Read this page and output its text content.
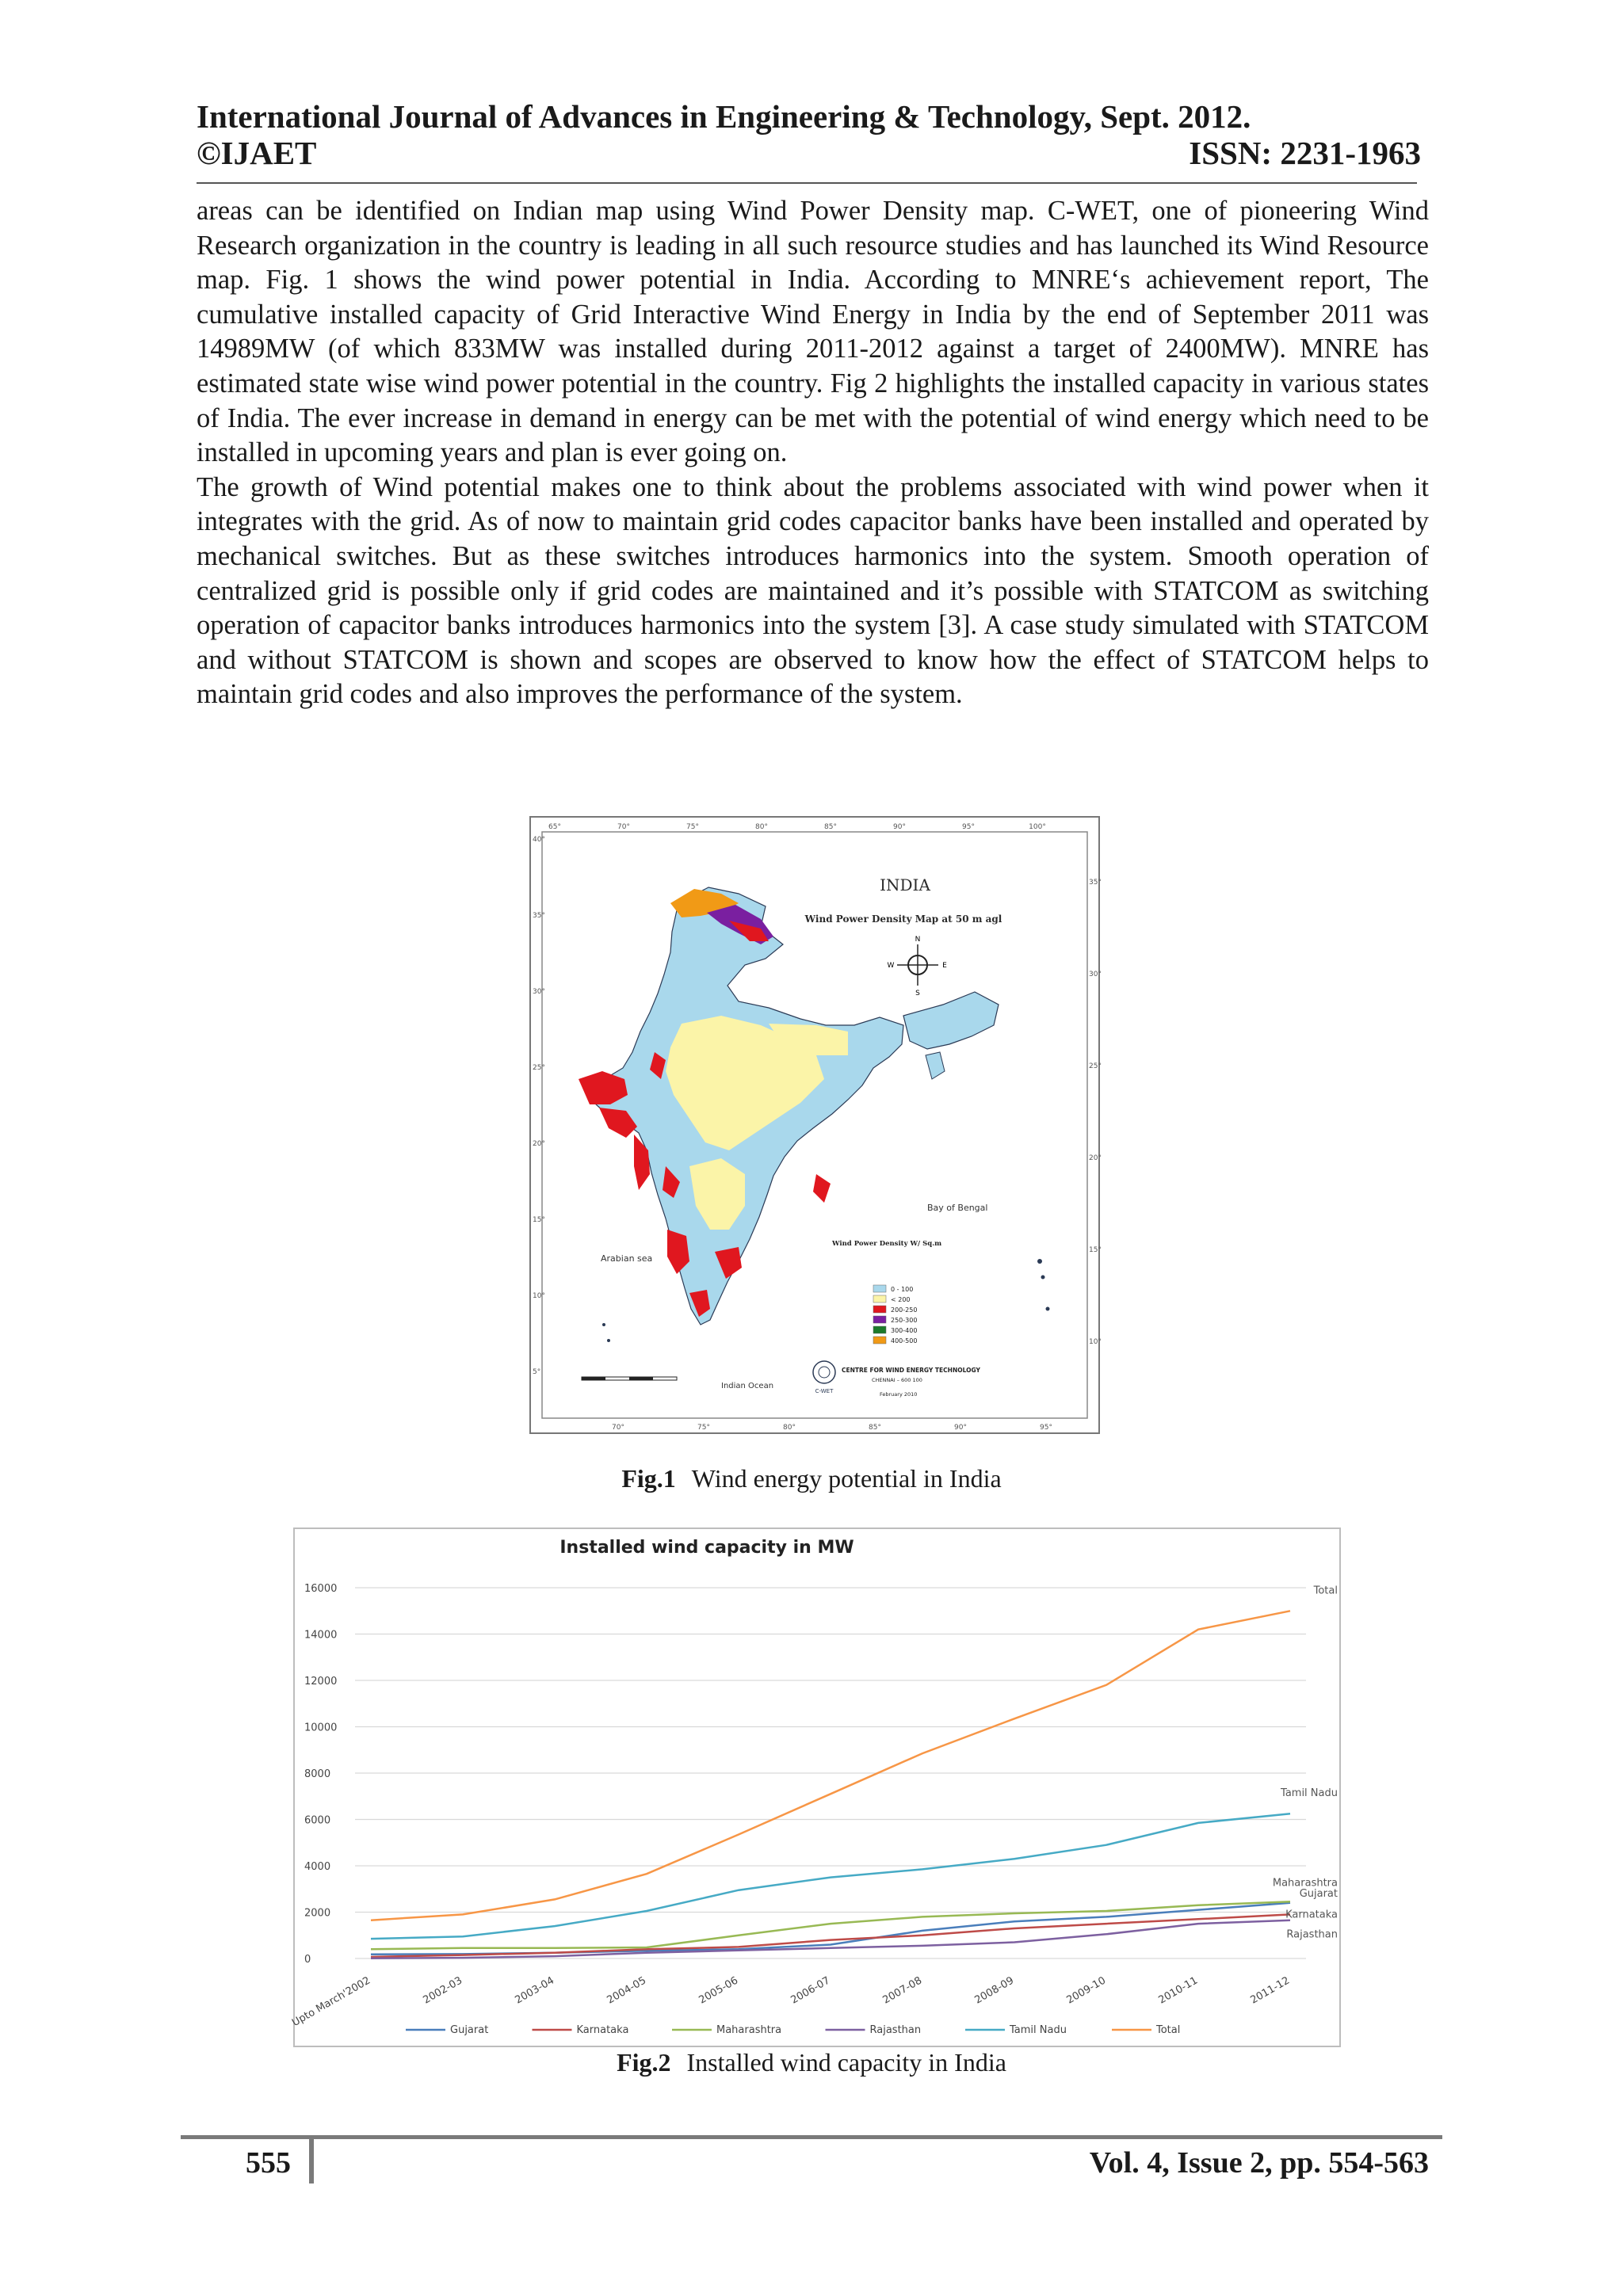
International Journal of Advances in Engineering & Technology, Sept. 2012.
©IJAET	ISSN: 2231-1963

areas can be identified on Indian map using Wind Power Density map. C-WET, one of pioneering Wind Research organization in the country is leading in all such resource studies and has launched its Wind Resource map. Fig. 1 shows the wind power potential in India. According to MNRE‘s achievement report, The cumulative installed capacity of Grid Interactive Wind Energy in India by the end of September 2011 was 14989MW (of which 833MW was installed during 2011-2012 against a target of 2400MW). MNRE has estimated state wise wind power potential in the country. Fig 2 highlights the installed capacity in various states of India. The ever increase in demand in energy can be met with the potential of wind energy which need to be installed in upcoming years and plan is ever going on.

The growth of Wind potential makes one to think about the problems associated with wind power when it integrates with the grid. As of now to maintain grid codes capacitor banks have been installed and operated by mechanical switches. But as these switches introduces harmonics into the system. Smooth operation of centralized grid is possible only if grid codes are maintained and it’s possible with STATCOM as switching operation of capacitor banks introduces harmonics into the system [3]. A case study simulated with STATCOM and without STATCOM is shown and scopes are observed to know how the effect of STATCOM helps to maintain grid codes and also improves the performance of the system.

65°	70°	75°	80°	85°	90°	95°	100°
70°	75°	80°	85°	90°	95°
40°
35°
30°
25°
20°
15°
10°
5°
35°
30°
25°
20°
15°
10°
INDIA
Wind Power Density Map at 50 m agl
N
S
E
W
Bay of Bengal
Arabian sea
Indian Ocean
Wind Power Density W/ Sq.m
0 - 100
< 200
200-250
250-300
300-400
400-500
C-WET
CENTRE FOR WIND ENERGY TECHNOLOGY
CHENNAI – 600 100
February 2010
Fig.1 Wind energy potential in India
Installed wind capacity in MW
0
2000
4000
6000
8000
10000
12000
14000
16000
Upto March'2002	2002-03	2003-04	2004-05	2005-06	2006-07	2007-08	2008-09	2009-10	2010-11	2011-12
Gujarat
Karnataka
Maharashtra
Rajasthan
Tamil Nadu
Total
Gujarat	Karnataka	Maharashtra	Rajasthan	Tamil Nadu	Total
Fig.2 Installed wind capacity in India
555	Vol. 4, Issue 2, pp. 554-563
